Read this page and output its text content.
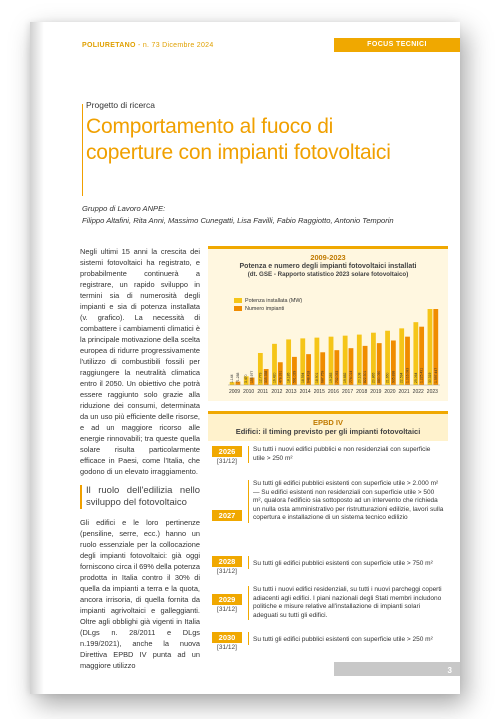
POLIURETANO - n. 73 Dicembre 2024	FOCUS TECNICI
Progetto di ricerca
Comportamento al fuoco di
coperture con impianti fotovoltaici
Gruppo di Lavoro ANPE:
Filippo Altafini, Rita Anni, Massimo Cunegatti, Lisa Favilli, Fabio Raggiotto, Antonio Temporin

Negli ultimi 15 anni la crescita dei sistemi fotovoltaici ha registrato, e probabilmente continuerà a registrare, un rapido sviluppo in termini sia di numerosità degli impianti e sia di potenza installata (v. grafico). La necessità di combattere i cambiamenti climatici è la principale motivazione della scelta europea di ridurre progressivamente l'utilizzo di combustibili fossili per raggiungere la neutralità climatica entro il 2050. Un obiettivo che potrà essere raggiunto solo grazie alla riduzione dei consumi, determinata da un uso più efficiente delle risorse, e ad un maggiore ricorso alle energie rinnovabili; tra queste quella solare risulta particolarmente efficace in Paesi, come l'Italia, che godono di un elevato irraggiamento.

Il ruolo dell'edilizia nello sviluppo del fotovoltaico

Gli edifici e le loro pertinenze (pensiline, serre, ecc.) hanno un ruolo essenziale per la collocazione degli impianti fotovoltaici: già oggi forniscono circa il 69% della potenza prodotta in Italia contro il 30% di quella da impianti a terra e la quota, ancora irrisoria, di quella fornita da impianti agrivoltaici e galleggianti. Oltre agli obblighi già vigenti in Italia (DLgs n. 28/2011 e DLgs n.199/2021), anche la nuova Direttiva EPBD IV punta ad un maggiore utilizzo

2009-2023
Potenza e numero degli impianti fotovoltaici installati
(dt. GSE - Rapporto statistico 2023 solare fotovoltaico)
1.144 71.288
2009
3.470 155.977
2010
12.773 335.358
2011
16.420 478.331
2012
18.185 591.029
2013
18.594 648.418
2014
18.901 687.759
2015
19.283 732.053
2016
19.682 774.014
2017
20.108 822.301
2018
20.865 880.090
2019
21.650 935.838
2020
22.594 1.016.083
2021
25.064 1.225.431
2022
30.319 1.597.447
2023
Potenza installata (MW)
Numero impianti
EPBD IV
Edifici: il timing previsto per gli impianti fotovoltaici
2026
[31/12]
Su tutti i nuovi edifici pubblici e non residenziali con superficie utile > 250 m²
2027
Su tutti gli edifici pubblici esistenti con superficie utile > 2.000 m² — Su edifici esistenti non residenziali con superficie utile > 500 m², qualora l'edificio sia sottoposto ad un intervento che richieda un nulla osta amministrativo per ristrutturazioni edilizie, lavori sulla copertura e installazione di un sistema tecnico edilizio
2028
[31/12]
Su tutti gli edifici pubblici esistenti con superficie utile > 750 m²
2029
[31/12]
Su tutti i nuovi edifici residenziali, su tutti i nuovi parcheggi coperti adiacenti agli edifici. I piani nazionali degli Stati membri includono politiche e misure relative all'installazione di impianti solari adeguati su tutti gli edifici.
2030
[31/12]
Su tutti gli edifici pubblici esistenti con superficie utile > 250 m²
3
